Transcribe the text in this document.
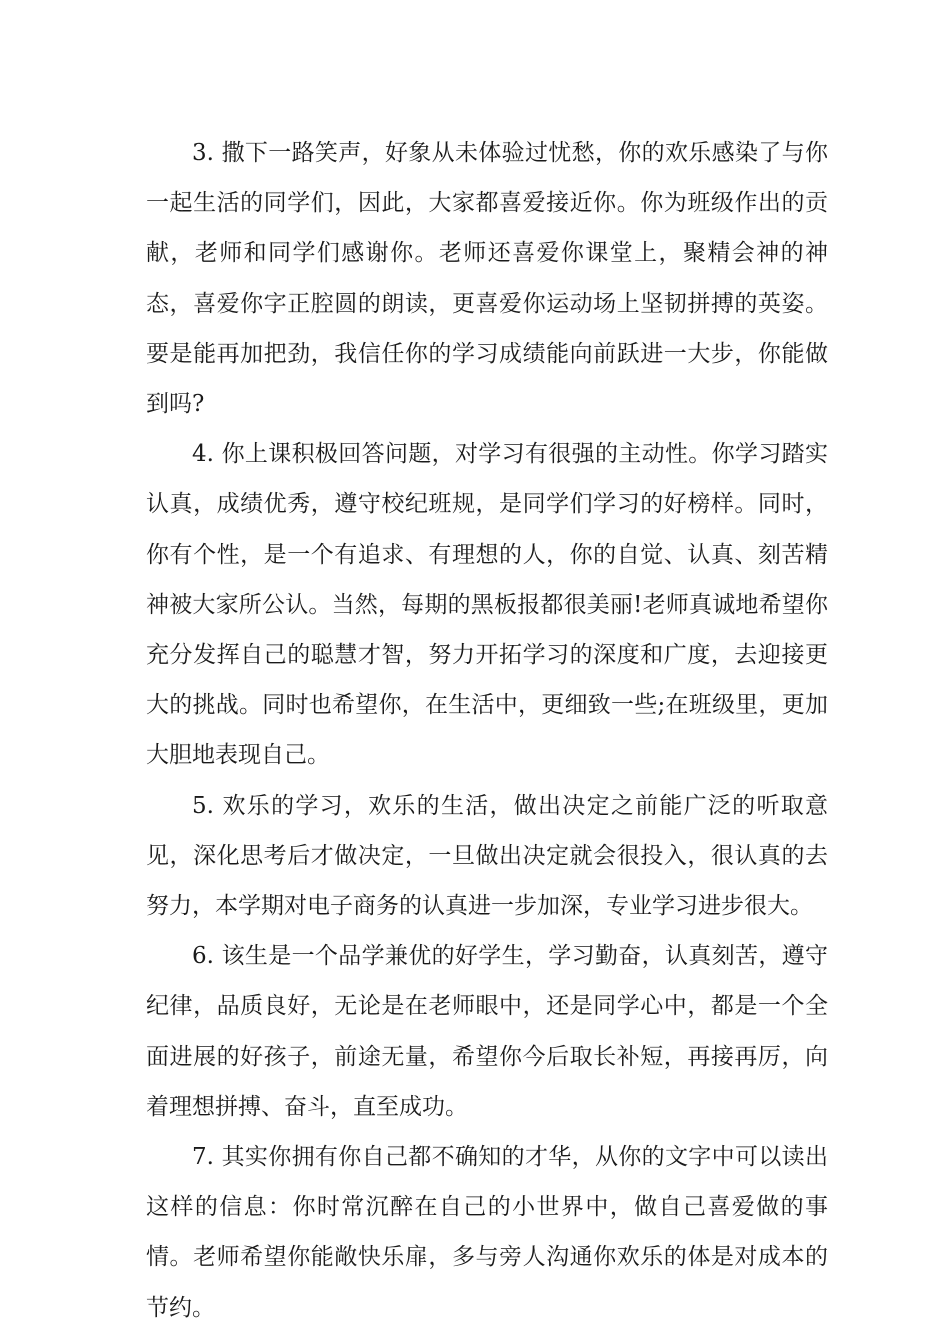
3. 撒下一路笑声，好象从未体验过忧愁，你的欢乐感染了与你一起生活的同学们，因此，大家都喜爱接近你。你为班级作出的贡献，老师和同学们感谢你。老师还喜爱你课堂上，聚精会神的神态，喜爱你字正腔圆的朗读，更喜爱你运动场上坚韧拼搏的英姿。要是能再加把劲，我信任你的学习成绩能向前跃进一大步，你能做到吗?

4. 你上课积极回答问题，对学习有很强的主动性。你学习踏实认真，成绩优秀，遵守校纪班规，是同学们学习的好榜样。同时，你有个性，是一个有追求、有理想的人，你的自觉、认真、刻苦精神被大家所公认。当然，每期的黑板报都很美丽!老师真诚地希望你充分发挥自己的聪慧才智，努力开拓学习的深度和广度，去迎接更大的挑战。同时也希望你，在生活中，更细致一些;在班级里，更加大胆地表现自己。

5. 欢乐的学习，欢乐的生活，做出决定之前能广泛的听取意见，深化思考后才做决定，一旦做出决定就会很投入，很认真的去努力，本学期对电子商务的认真进一步加深，专业学习进步很大。

6. 该生是一个品学兼优的好学生，学习勤奋，认真刻苦，遵守纪律，品质良好，无论是在老师眼中，还是同学心中，都是一个全面进展的好孩子，前途无量，希望你今后取长补短，再接再厉，向着理想拼搏、奋斗，直至成功。

7. 其实你拥有你自己都不确知的才华，从你的文字中可以读出这样的信息：你时常沉醉在自己的小世界中，做自己喜爱做的事情。老师希望你能敞快乐扉，多与旁人沟通你欢乐的体是对成本的节约。
